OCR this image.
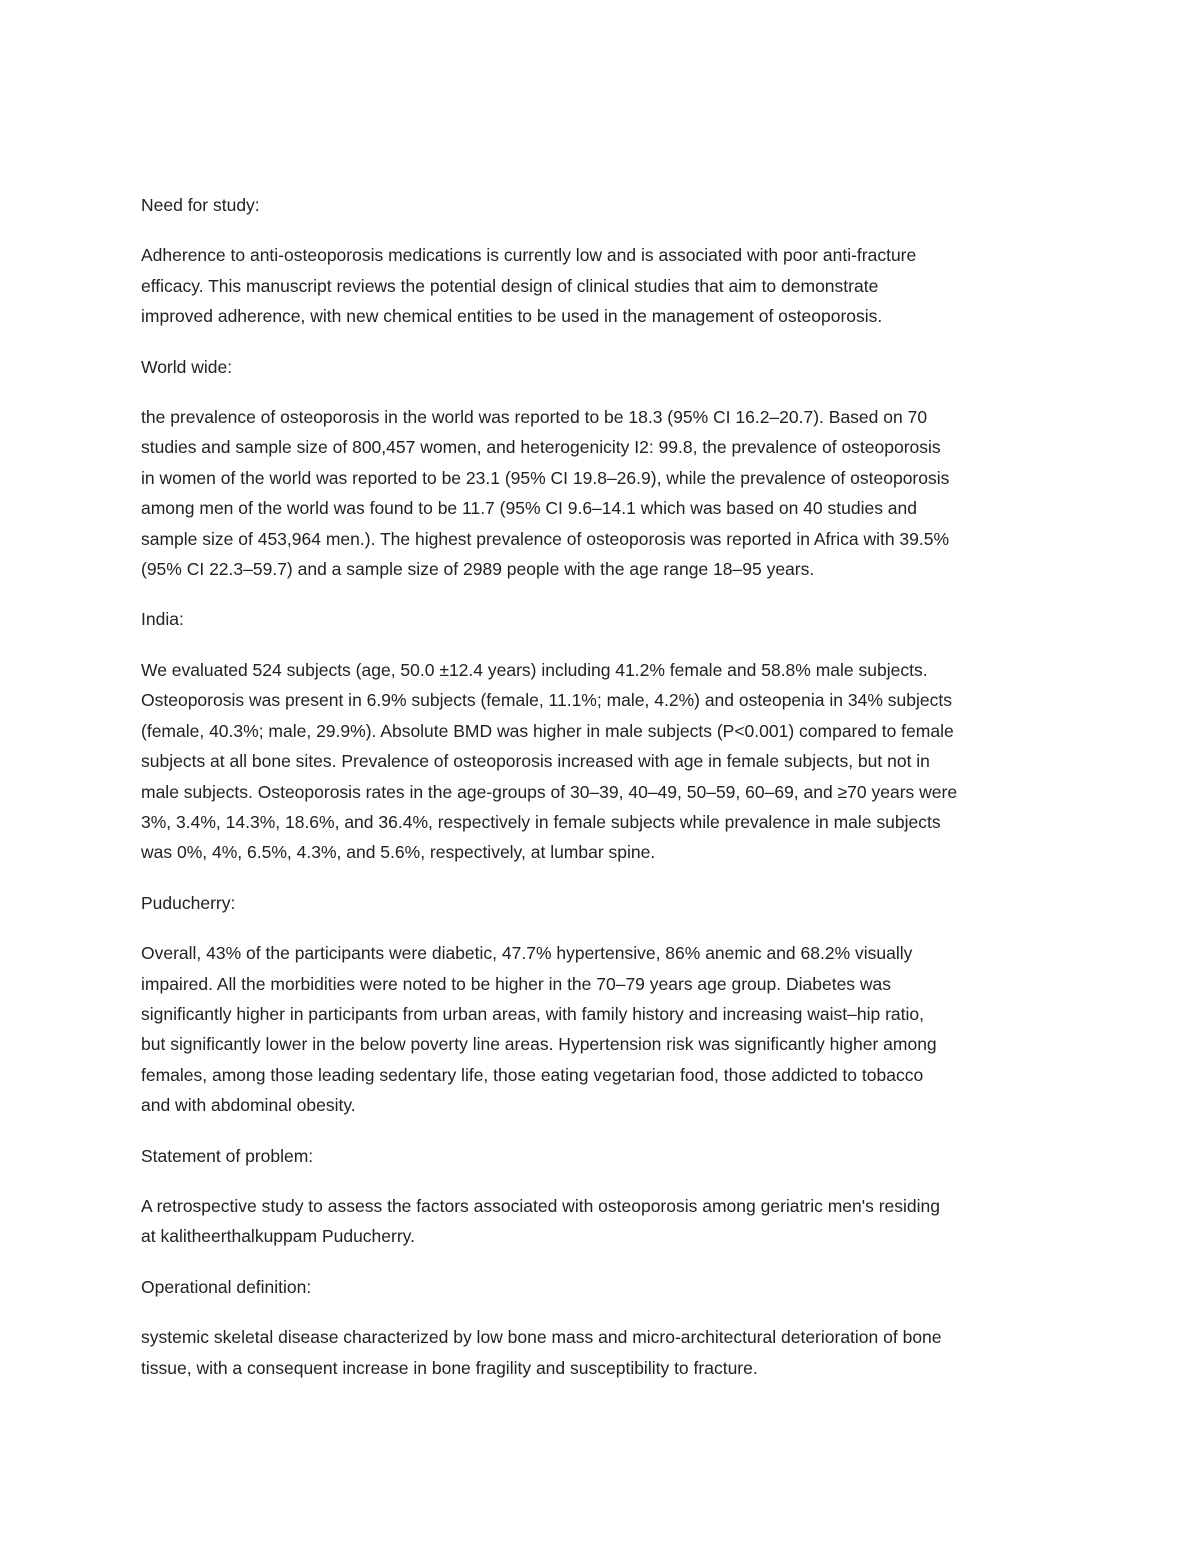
Need for study:
Adherence to anti-osteoporosis medications is currently low and is associated with poor anti-fracture
efficacy. This manuscript reviews the potential design of clinical studies that aim to demonstrate
improved adherence, with new chemical entities to be used in the management of osteoporosis.
World wide:
the prevalence of osteoporosis in the world was reported to be 18.3 (95% CI 16.2–20.7). Based on 70
studies and sample size of 800,457 women, and heterogenicity I2: 99.8, the prevalence of osteoporosis
in women of the world was reported to be 23.1 (95% CI 19.8–26.9), while the prevalence of osteoporosis
among men of the world was found to be 11.7 (95% CI 9.6–14.1 which was based on 40 studies and
sample size of 453,964 men.). The highest prevalence of osteoporosis was reported in Africa with 39.5%
(95% CI 22.3–59.7) and a sample size of 2989 people with the age range 18–95 years.
India:
We evaluated 524 subjects (age, 50.0 ±12.4 years) including 41.2% female and 58.8% male subjects.
Osteoporosis was present in 6.9% subjects (female, 11.1%; male, 4.2%) and osteopenia in 34% subjects
(female, 40.3%; male, 29.9%). Absolute BMD was higher in male subjects (P<0.001) compared to female
subjects at all bone sites. Prevalence of osteoporosis increased with age in female subjects, but not in
male subjects. Osteoporosis rates in the age-groups of 30–39, 40–49, 50–59, 60–69, and ≥70 years were
3%, 3.4%, 14.3%, 18.6%, and 36.4%, respectively in female subjects while prevalence in male subjects
was 0%, 4%, 6.5%, 4.3%, and 5.6%, respectively, at lumbar spine.
Puducherry:
Overall, 43% of the participants were diabetic, 47.7% hypertensive, 86% anemic and 68.2% visually
impaired. All the morbidities were noted to be higher in the 70–79 years age group. Diabetes was
significantly higher in participants from urban areas, with family history and increasing waist–hip ratio,
but significantly lower in the below poverty line areas. Hypertension risk was significantly higher among
females, among those leading sedentary life, those eating vegetarian food, those addicted to tobacco
and with abdominal obesity.
Statement of problem:
A retrospective study to assess the factors associated with osteoporosis among geriatric men's residing
at kalitheerthalkuppam Puducherry.
Operational definition:
systemic skeletal disease characterized by low bone mass and micro-architectural deterioration of bone
tissue, with a consequent increase in bone fragility and susceptibility to fracture.
